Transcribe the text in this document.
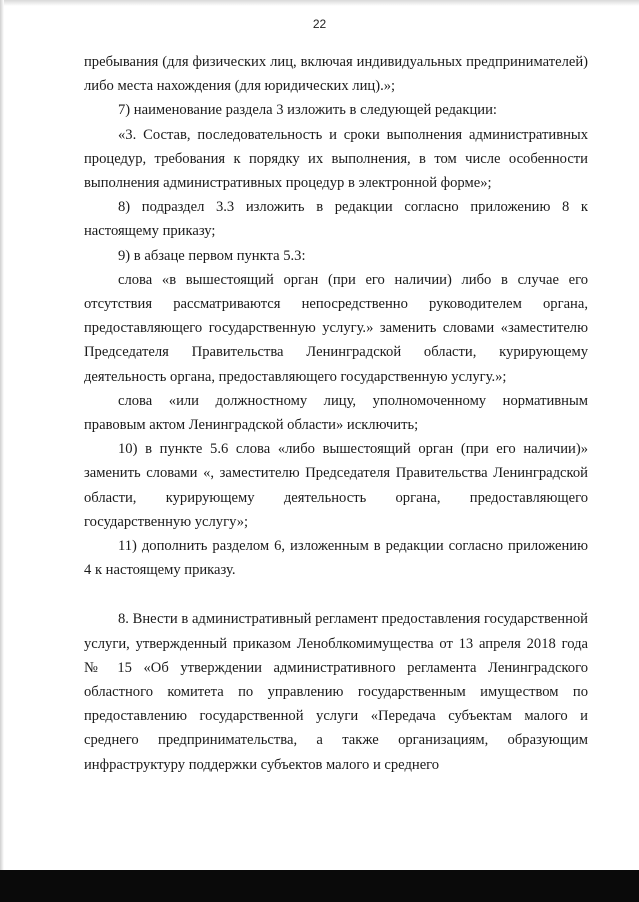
22

пребывания (для физических лиц, включая индивидуальных предпринимателей) либо места нахождения (для юридических лиц).»;

7) наименование раздела 3 изложить в следующей редакции:

«3. Состав, последовательность и сроки выполнения административных процедур, требования к порядку их выполнения, в том числе особенности выполнения административных процедур в электронной форме»;

8) подраздел 3.3 изложить в редакции согласно приложению 8 к настоящему приказу;

9) в абзаце первом пункта 5.3:

слова «в вышестоящий орган (при его наличии) либо в случае его отсутствия рассматриваются непосредственно руководителем органа, предоставляющего государственную услугу.» заменить словами «заместителю Председателя Правительства Ленинградской области, курирующему деятельность органа, предоставляющего государственную услугу.»;

слова «или должностному лицу, уполномоченному нормативным правовым актом Ленинградской области» исключить;

10) в пункте 5.6 слова «либо вышестоящий орган (при его наличии)» заменить словами «, заместителю Председателя Правительства Ленинградской области, курирующему деятельность органа, предоставляющего государственную услугу»;

11) дополнить разделом 6, изложенным в редакции согласно приложению 4 к настоящему приказу.

8. Внести в административный регламент предоставления государственной услуги, утвержденный приказом Леноблкомимущества от 13 апреля 2018 года № 15 «Об утверждении административного регламента Ленинградского областного комитета по управлению государственным имуществом по предоставлению государственной услуги «Передача субъектам малого и среднего предпринимательства, а также организациям, образующим инфраструктуру поддержки субъектов малого и среднего
